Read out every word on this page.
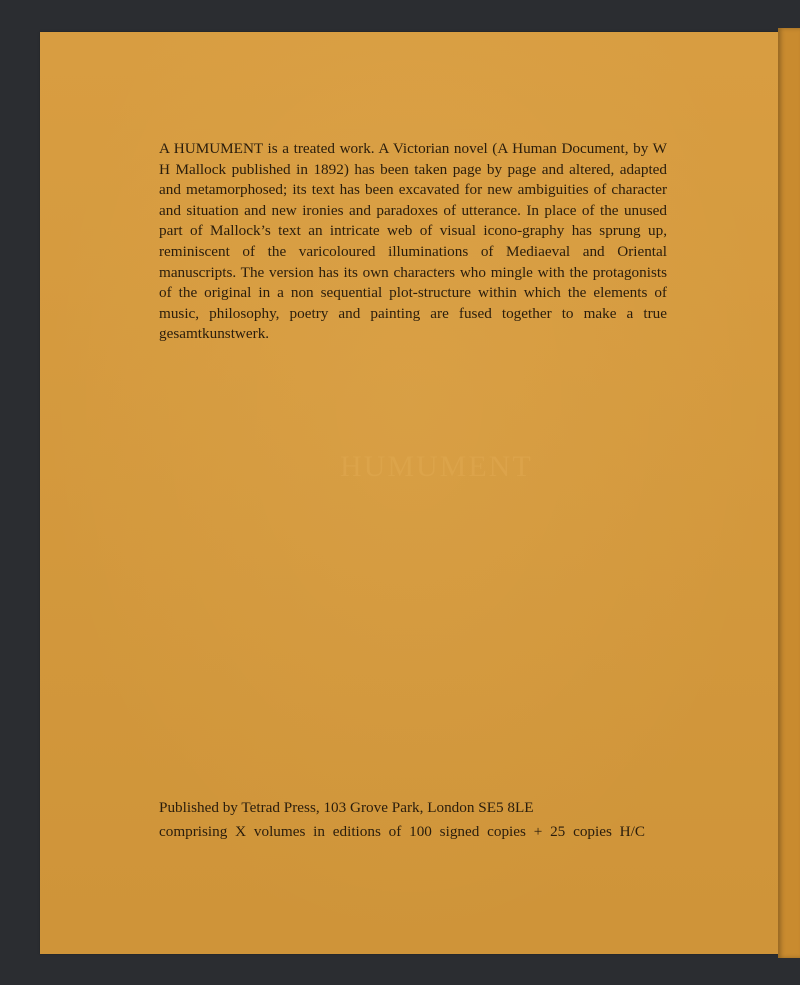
HUMUMENT

A HUMUMENT is a treated work. A Victorian novel (A Human Document, by W H Mallock published in 1892) has been taken page by page and altered, adapted and metamorphosed; its text has been excavated for new ambiguities of character and situation and new ironies and paradoxes of utterance. In place of the unused part of Mallock’s text an intricate web of visual icono-graphy has sprung up, reminiscent of the varicoloured illuminations of Mediaeval and Oriental manuscripts. The version has its own characters who mingle with the protagonists of the original in a non sequential plot-structure within which the elements of music, philosophy, poetry and painting are fused together to make a true gesamtkunstwerk.

Published by Tetrad Press, 103 Grove Park, London SE5 8LE
comprising X volumes in editions of 100 signed copies + 25 copies H/C
